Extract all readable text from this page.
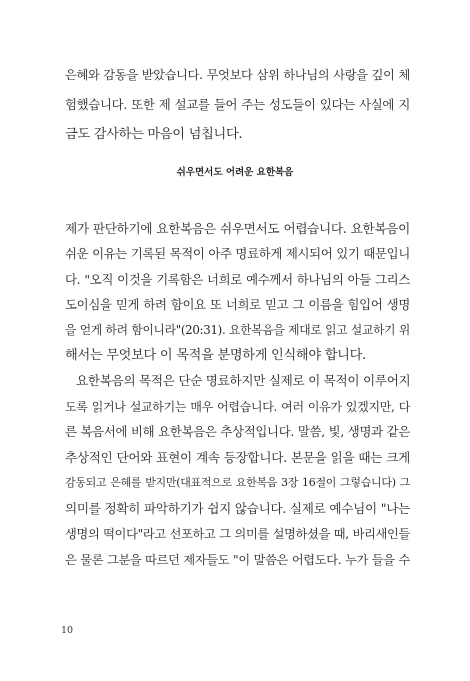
은혜와 감동을 받았습니다. 무엇보다 삼위 하나님의 사랑을 깊이 체

험했습니다. 또한 제 설교를 들어 주는 성도들이 있다는 사실에 지

금도 감사하는 마음이 넘칩니다.

쉬우면서도 어려운 요한복음

제가 판단하기에 요한복음은 쉬우면서도 어렵습니다. 요한복음이

쉬운 이유는 기록된 목적이 아주 명료하게 제시되어 있기 때문입니

다. "오직 이것을 기록함은 너희로 예수께서 하나님의 아들 그리스

도이심을 믿게 하려 함이요 또 너희로 믿고 그 이름을 힘입어 생명

을 얻게 하려 함이니라"(20:31). 요한복음을 제대로 읽고 설교하기 위

해서는 무엇보다 이 목적을 분명하게 인식해야 합니다.

요한복음의 목적은 단순 명료하지만 실제로 이 목적이 이루어지

도록 읽거나 설교하기는 매우 어렵습니다. 여러 이유가 있겠지만, 다

른 복음서에 비해 요한복음은 추상적입니다. 말씀, 빛, 생명과 같은

추상적인 단어와 표현이 계속 등장합니다. 본문을 읽을 때는 크게

감동되고 은혜를 받지만(대표적으로 요한복음 3장 16절이 그렇습니다) 그

의미를 정확히 파악하기가 쉽지 않습니다. 실제로 예수님이 "나는

생명의 떡이다"라고 선포하고 그 의미를 설명하셨을 때, 바리새인들

은 물론 그분을 따르던 제자들도 "이 말씀은 어렵도다. 누가 들을 수

10
